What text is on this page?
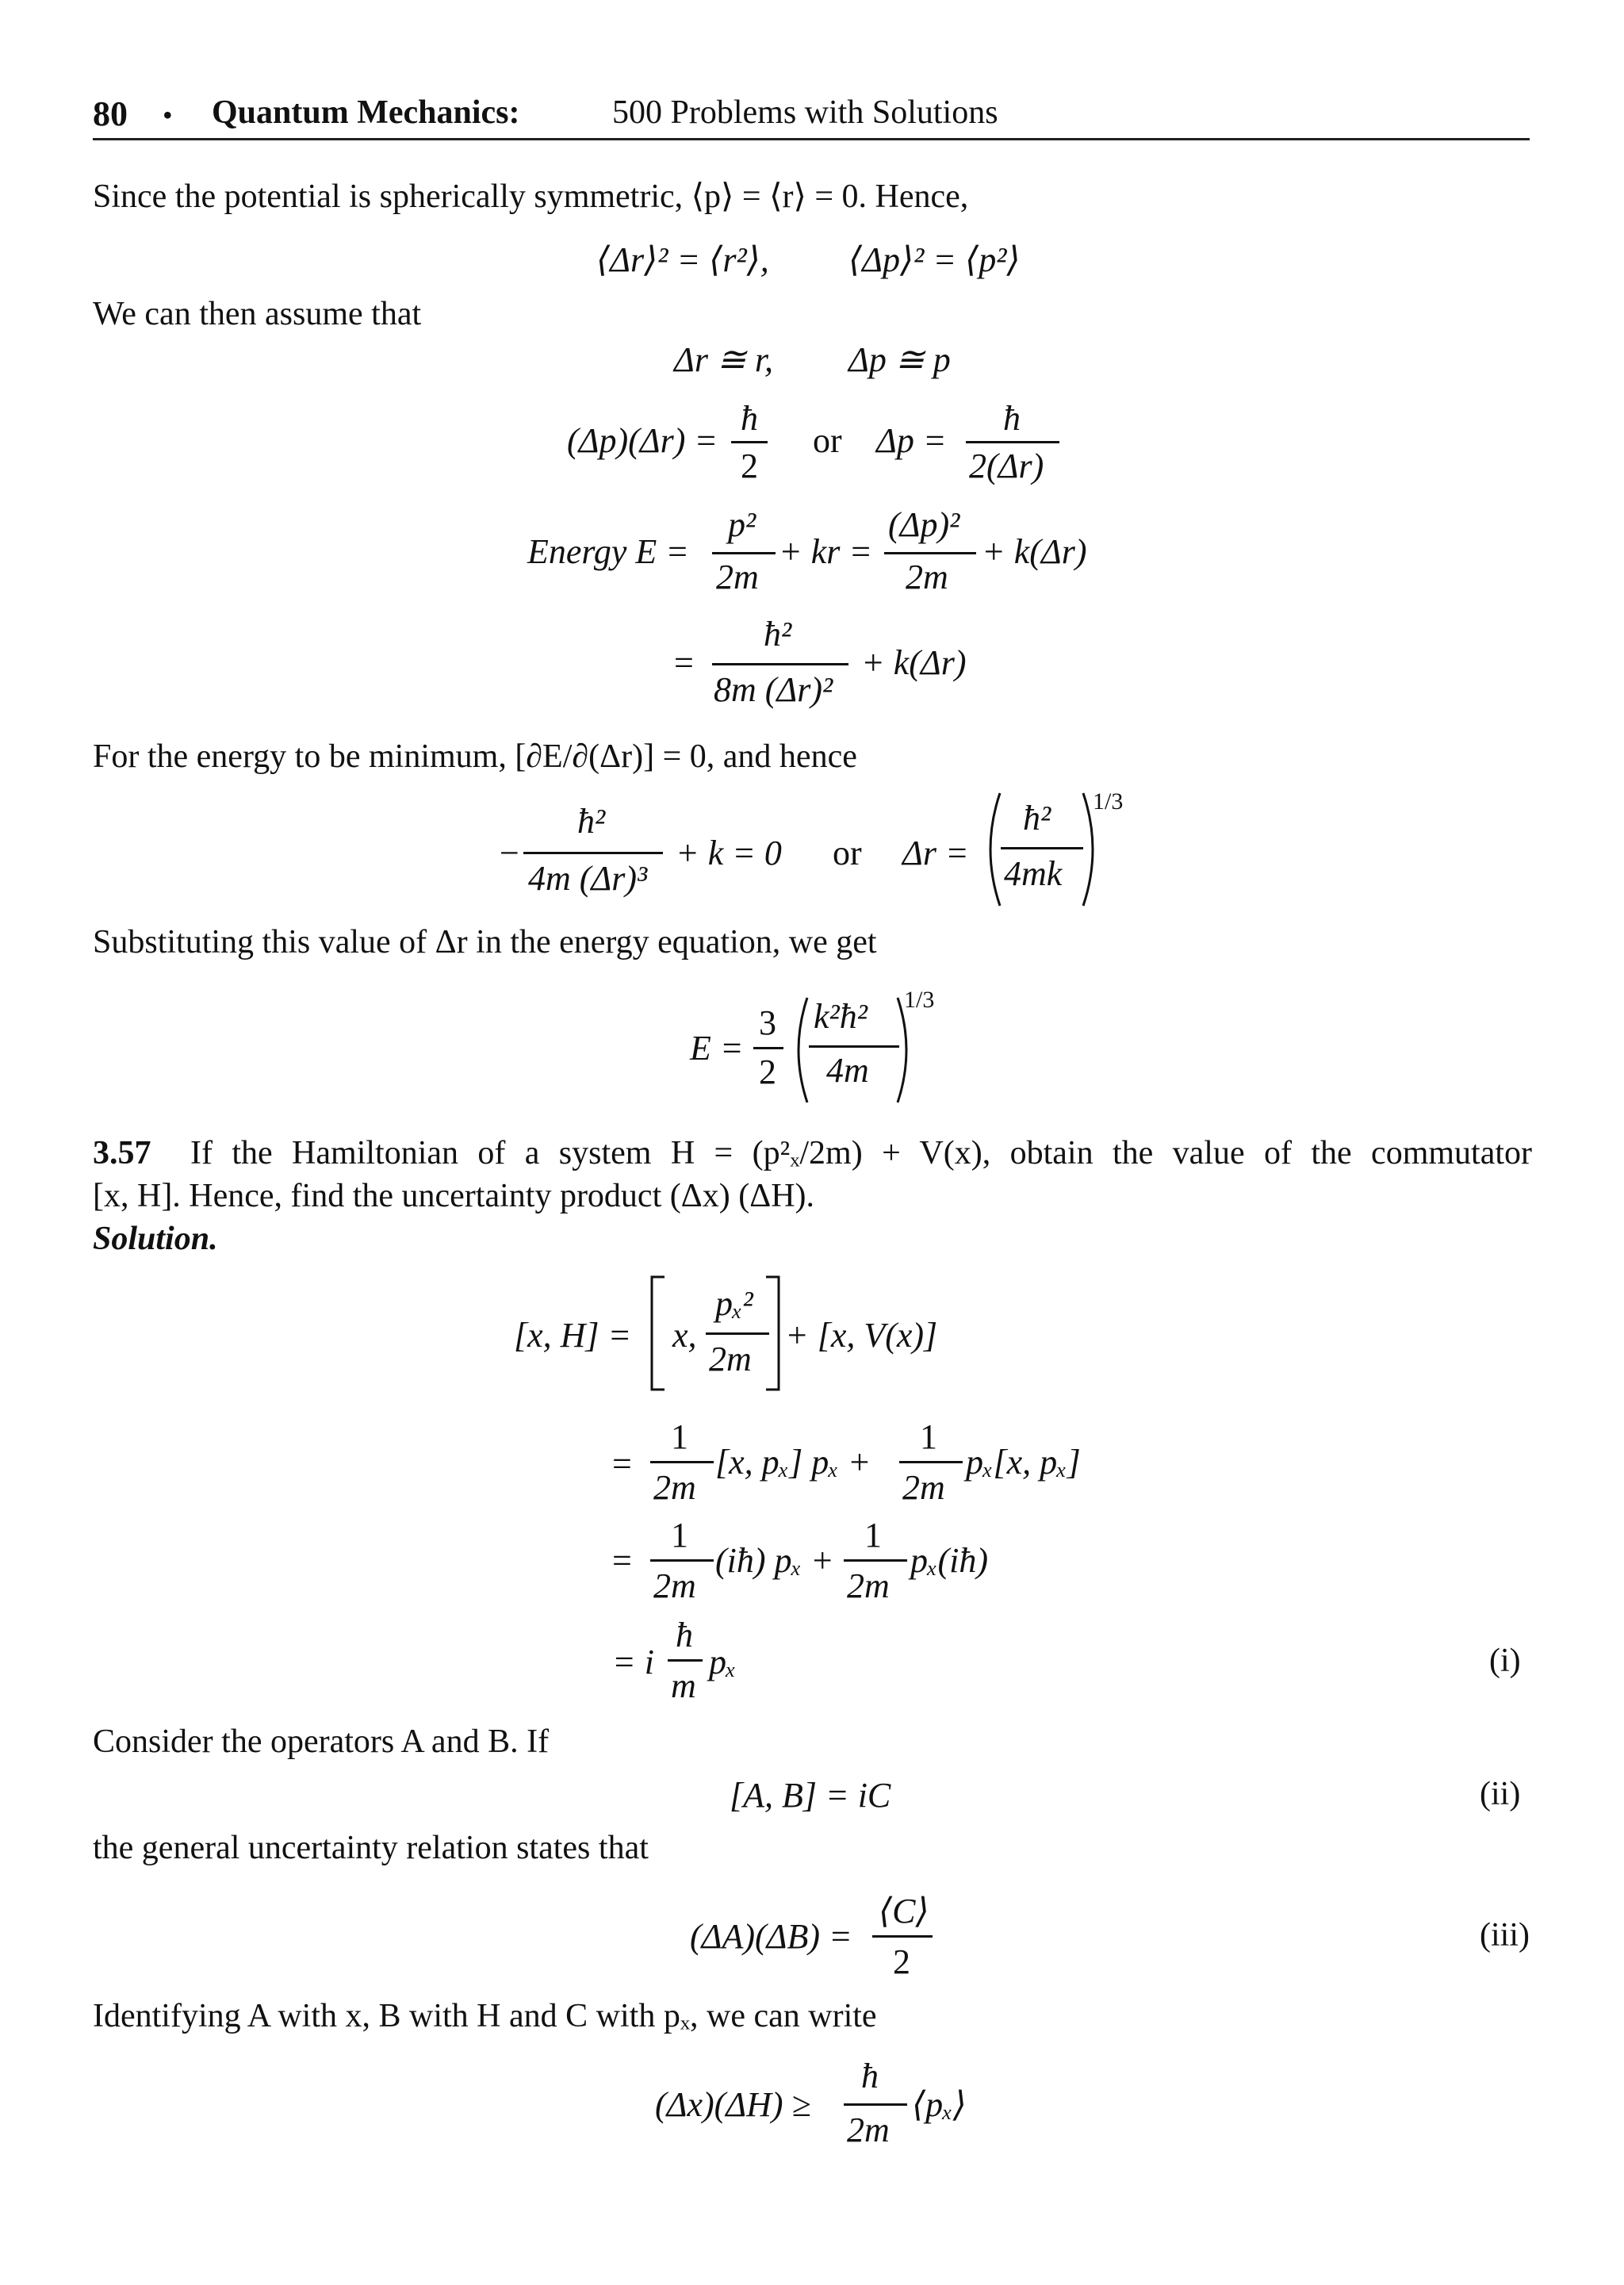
80 • Quantum Mechanics:	500 Problems with Solutions
Since the potential is spherically symmetric, ⟨p⟩ = ⟨r⟩ = 0. Hence,
⟨Δr⟩² = ⟨r²⟩, ⟨Δp⟩² = ⟨p²⟩
We can then assume that
Δr ≅ r, Δp ≅ p
(Δp)(Δr) =
ħ
2
or Δp =
ħ
2(Δr)
Energy E =
p²
2m
+ kr =
(Δp)²
2m
+ k(Δr)
=
ħ²
8m (Δr)²
+ k(Δr)
For the energy to be minimum, [∂E/∂(Δr)] = 0, and hence
−
ħ²
4m (Δr)³
+ k = 0 or Δr =
ħ²
4mk
1/3
Substituting this value of Δr in the energy equation, we get
E =
3
2
k²ħ²
4m
1/3
3.57 If the Hamiltonian of a system H = (p²ₓ/2m) + V(x), obtain the value of the commutator
[x, H]. Hence, find the uncertainty product (Δx) (ΔH).
Solution.
[x, H] = x,
pₓ²
2m
+ [x, V(x)]
=
1
2m
[x, pₓ] pₓ +
1
2m
pₓ[x, pₓ]
=
1
2m
(iħ) pₓ +
1
2m
pₓ(iħ)
= i
ħ
m
pₓ	(i)
Consider the operators A and B. If
[A, B] = iC	(ii)
the general uncertainty relation states that
(ΔA)(ΔB) =
⟨C⟩
2
(iii)
Identifying A with x, B with H and C with pₓ, we can write
(Δx)(ΔH) ≥
ħ
2m
⟨pₓ⟩
